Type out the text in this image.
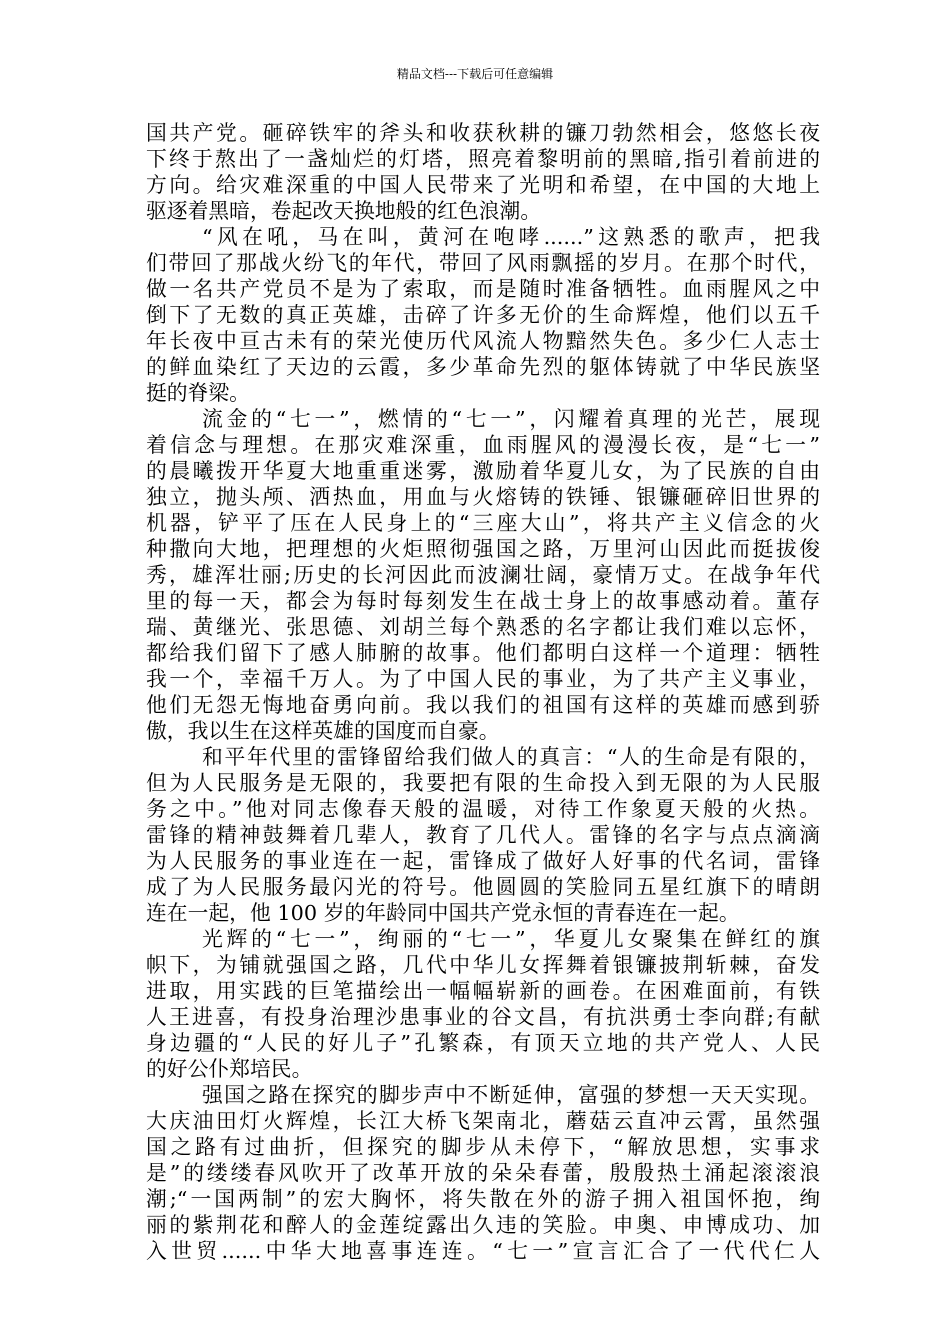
精品文档---下载后可任意编辑
国共产党。砸碎铁牢的斧头和收获秋耕的镰刀勃然相会，悠悠长夜
下终于熬出了一盏灿烂的灯塔，照亮着黎明前的黑暗,指引着前进的
方向。给灾难深重的中国人民带来了光明和希望，在中国的大地上
驱逐着黑暗，卷起改天换地般的红色浪潮。
“风在吼，马在叫，黄河在咆哮......”这熟悉的歌声，把我
们带回了那战火纷飞的年代，带回了风雨飘摇的岁月。在那个时代，
做一名共产党员不是为了索取，而是随时准备牺牲。血雨腥风之中
倒下了无数的真正英雄，击碎了许多无价的生命辉煌，他们以五千
年长夜中亘古未有的荣光使历代风流人物黯然失色。多少仁人志士
的鲜血染红了天边的云霞，多少革命先烈的躯体铸就了中华民族坚
挺的脊梁。
流金的“七一”，燃情的“七一”，闪耀着真理的光芒，展现
着信念与理想。在那灾难深重，血雨腥风的漫漫长夜，是“七一”
的晨曦拨开华夏大地重重迷雾，激励着华夏儿女，为了民族的自由
独立，抛头颅、洒热血，用血与火熔铸的铁锤、银镰砸碎旧世界的
机器，铲平了压在人民身上的“三座大山”，将共产主义信念的火
种撒向大地，把理想的火炬照彻强国之路，万里河山因此而挺拔俊
秀，雄浑壮丽;历史的长河因此而波澜壮阔，豪情万丈。在战争年代
里的每一天，都会为每时每刻发生在战士身上的故事感动着。董存
瑞、黄继光、张思德、刘胡兰每个熟悉的名字都让我们难以忘怀，
都给我们留下了感人肺腑的故事。他们都明白这样一个道理：牺牲
我一个，幸福千万人。为了中国人民的事业，为了共产主义事业，
他们无怨无悔地奋勇向前。我以我们的祖国有这样的英雄而感到骄
傲，我以生在这样英雄的国度而自豪。
和平年代里的雷锋留给我们做人的真言：“人的生命是有限的，
但为人民服务是无限的，我要把有限的生命投入到无限的为人民服
务之中。”他对同志像春天般的温暖，对待工作象夏天般的火热。
雷锋的精神鼓舞着几辈人，教育了几代人。雷锋的名字与点点滴滴
为人民服务的事业连在一起，雷锋成了做好人好事的代名词，雷锋
成了为人民服务最闪光的符号。他圆圆的笑脸同五星红旗下的晴朗
连在一起，他 100 岁的年龄同中国共产党永恒的青春连在一起。
光辉的“七一”，绚丽的“七一”，华夏儿女聚集在鲜红的旗
帜下，为铺就强国之路，几代中华儿女挥舞着银镰披荆斩棘，奋发
进取，用实践的巨笔描绘出一幅幅崭新的画卷。在困难面前，有铁
人王进喜，有投身治理沙患事业的谷文昌，有抗洪勇士李向群;有献
身边疆的“人民的好儿子”孔繁森，有顶天立地的共产党人、人民
的好公仆郑培民。
强国之路在探究的脚步声中不断延伸，富强的梦想一天天实现。
大庆油田灯火辉煌，长江大桥飞架南北，蘑菇云直冲云霄，虽然强
国之路有过曲折，但探究的脚步从未停下，“解放思想，实事求
是”的缕缕春风吹开了改革开放的朵朵春蕾，殷殷热土涌起滚滚浪
潮;“一国两制”的宏大胸怀，将失散在外的游子拥入祖国怀抱，绚
丽的紫荆花和醉人的金莲绽露出久违的笑脸。申奥、申博成功、加
入世贸......中华大地喜事连连。“七一”宣言汇合了一代代仁人
